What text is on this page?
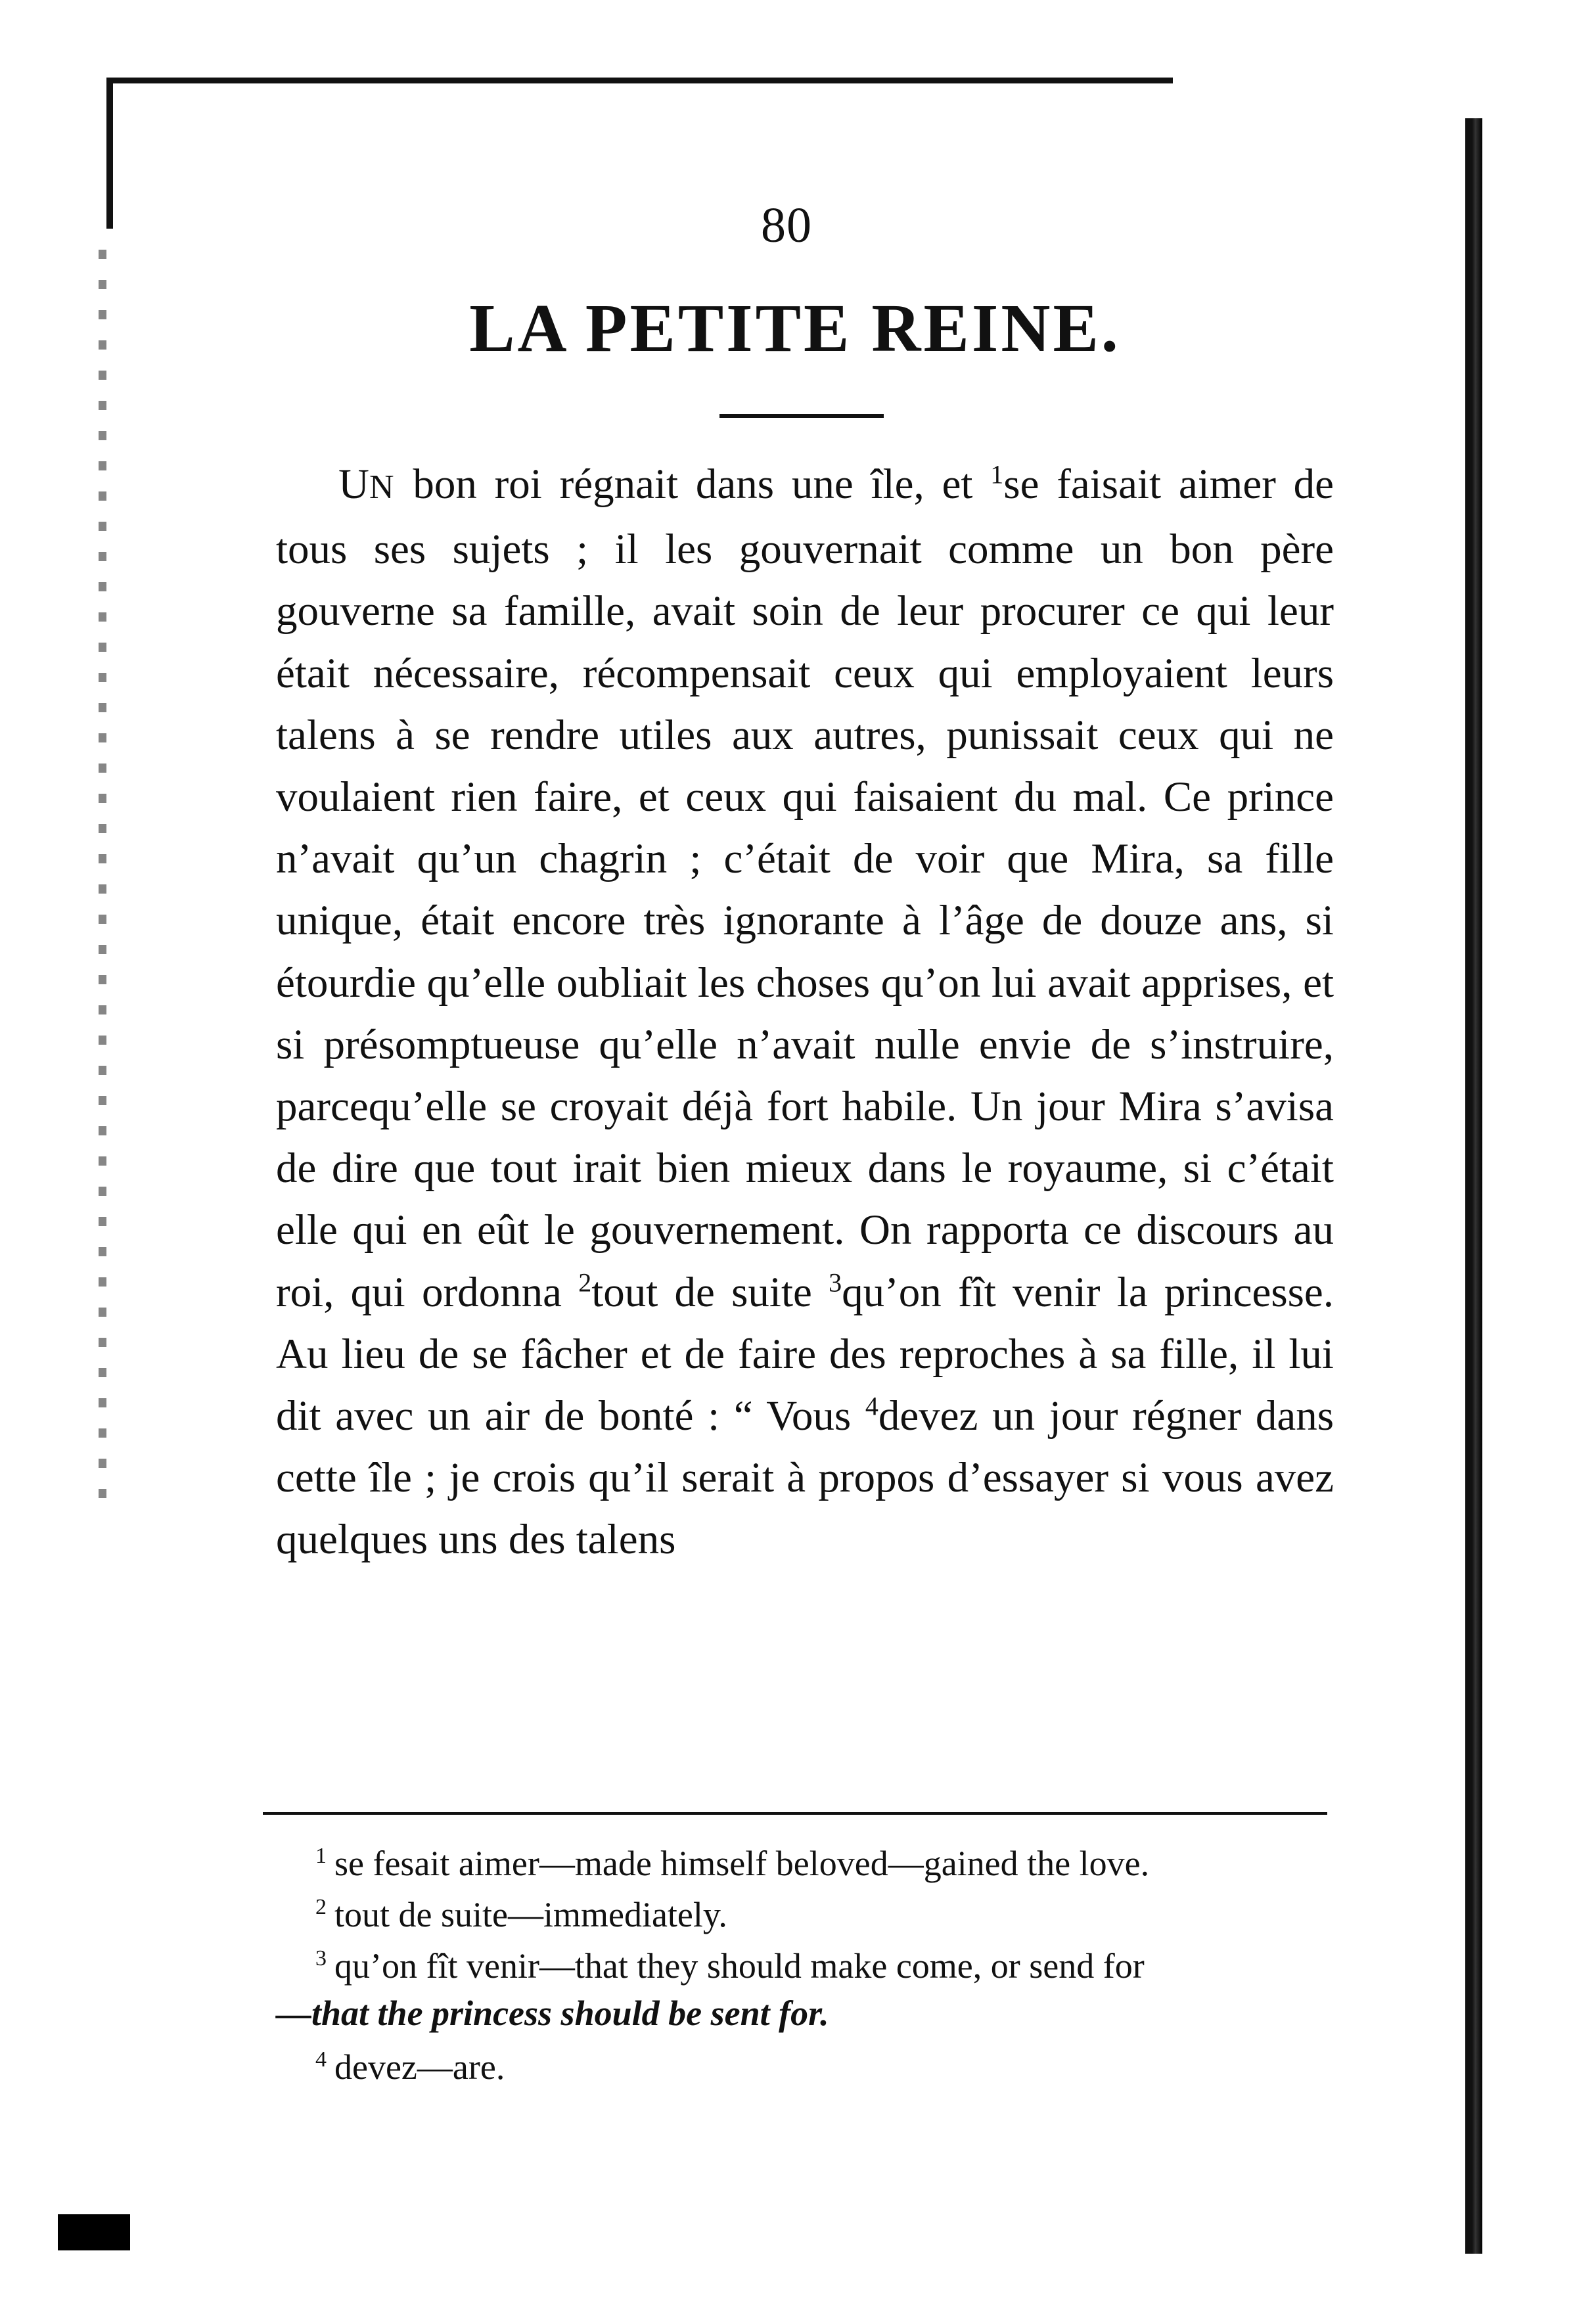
80
LA PETITE REINE.

UN bon roi régnait dans une île, et $^1$se faisait aimer de tous ses sujets ; il les gouvernait comme un bon père gouverne sa famille, avait soin de leur procurer ce qui leur était nécessaire, récompensait ceux qui employaient leurs talens à se rendre utiles aux autres, punissait ceux qui ne voulaient rien faire, et ceux qui faisaient du mal. Ce prince n’avait qu’un chagrin ; c’était de voir que Mira, sa fille unique, était encore très ignorante à l’âge de douze ans, si étourdie qu’elle oubliait les choses qu’on lui avait apprises, et si présomptueuse qu’elle n’avait nulle envie de s’instruire, parcequ’elle se croyait déjà fort habile. Un jour Mira s’avisa de dire que tout irait bien mieux dans le royaume, si c’était elle qui en eût le gouvernement. On rapporta ce discours au roi, qui ordonna $^2$tout de suite $^3$qu’on fît venir la princesse. Au lieu de se fâcher et de faire des reproches à sa fille, il lui dit avec un air de bonté : “ Vous $^4$devez un jour régner dans cette île ; je crois qu’il serait à propos d’essayer si vous avez quelques uns des talens

$^1$ se fesait aimer—made himself beloved—gained the love.

$^2$ tout de suite—immediately.

$^3$ qu’on fît venir—that they should make come, or send for

—that the princess should be sent for.

$^4$ devez—are.
